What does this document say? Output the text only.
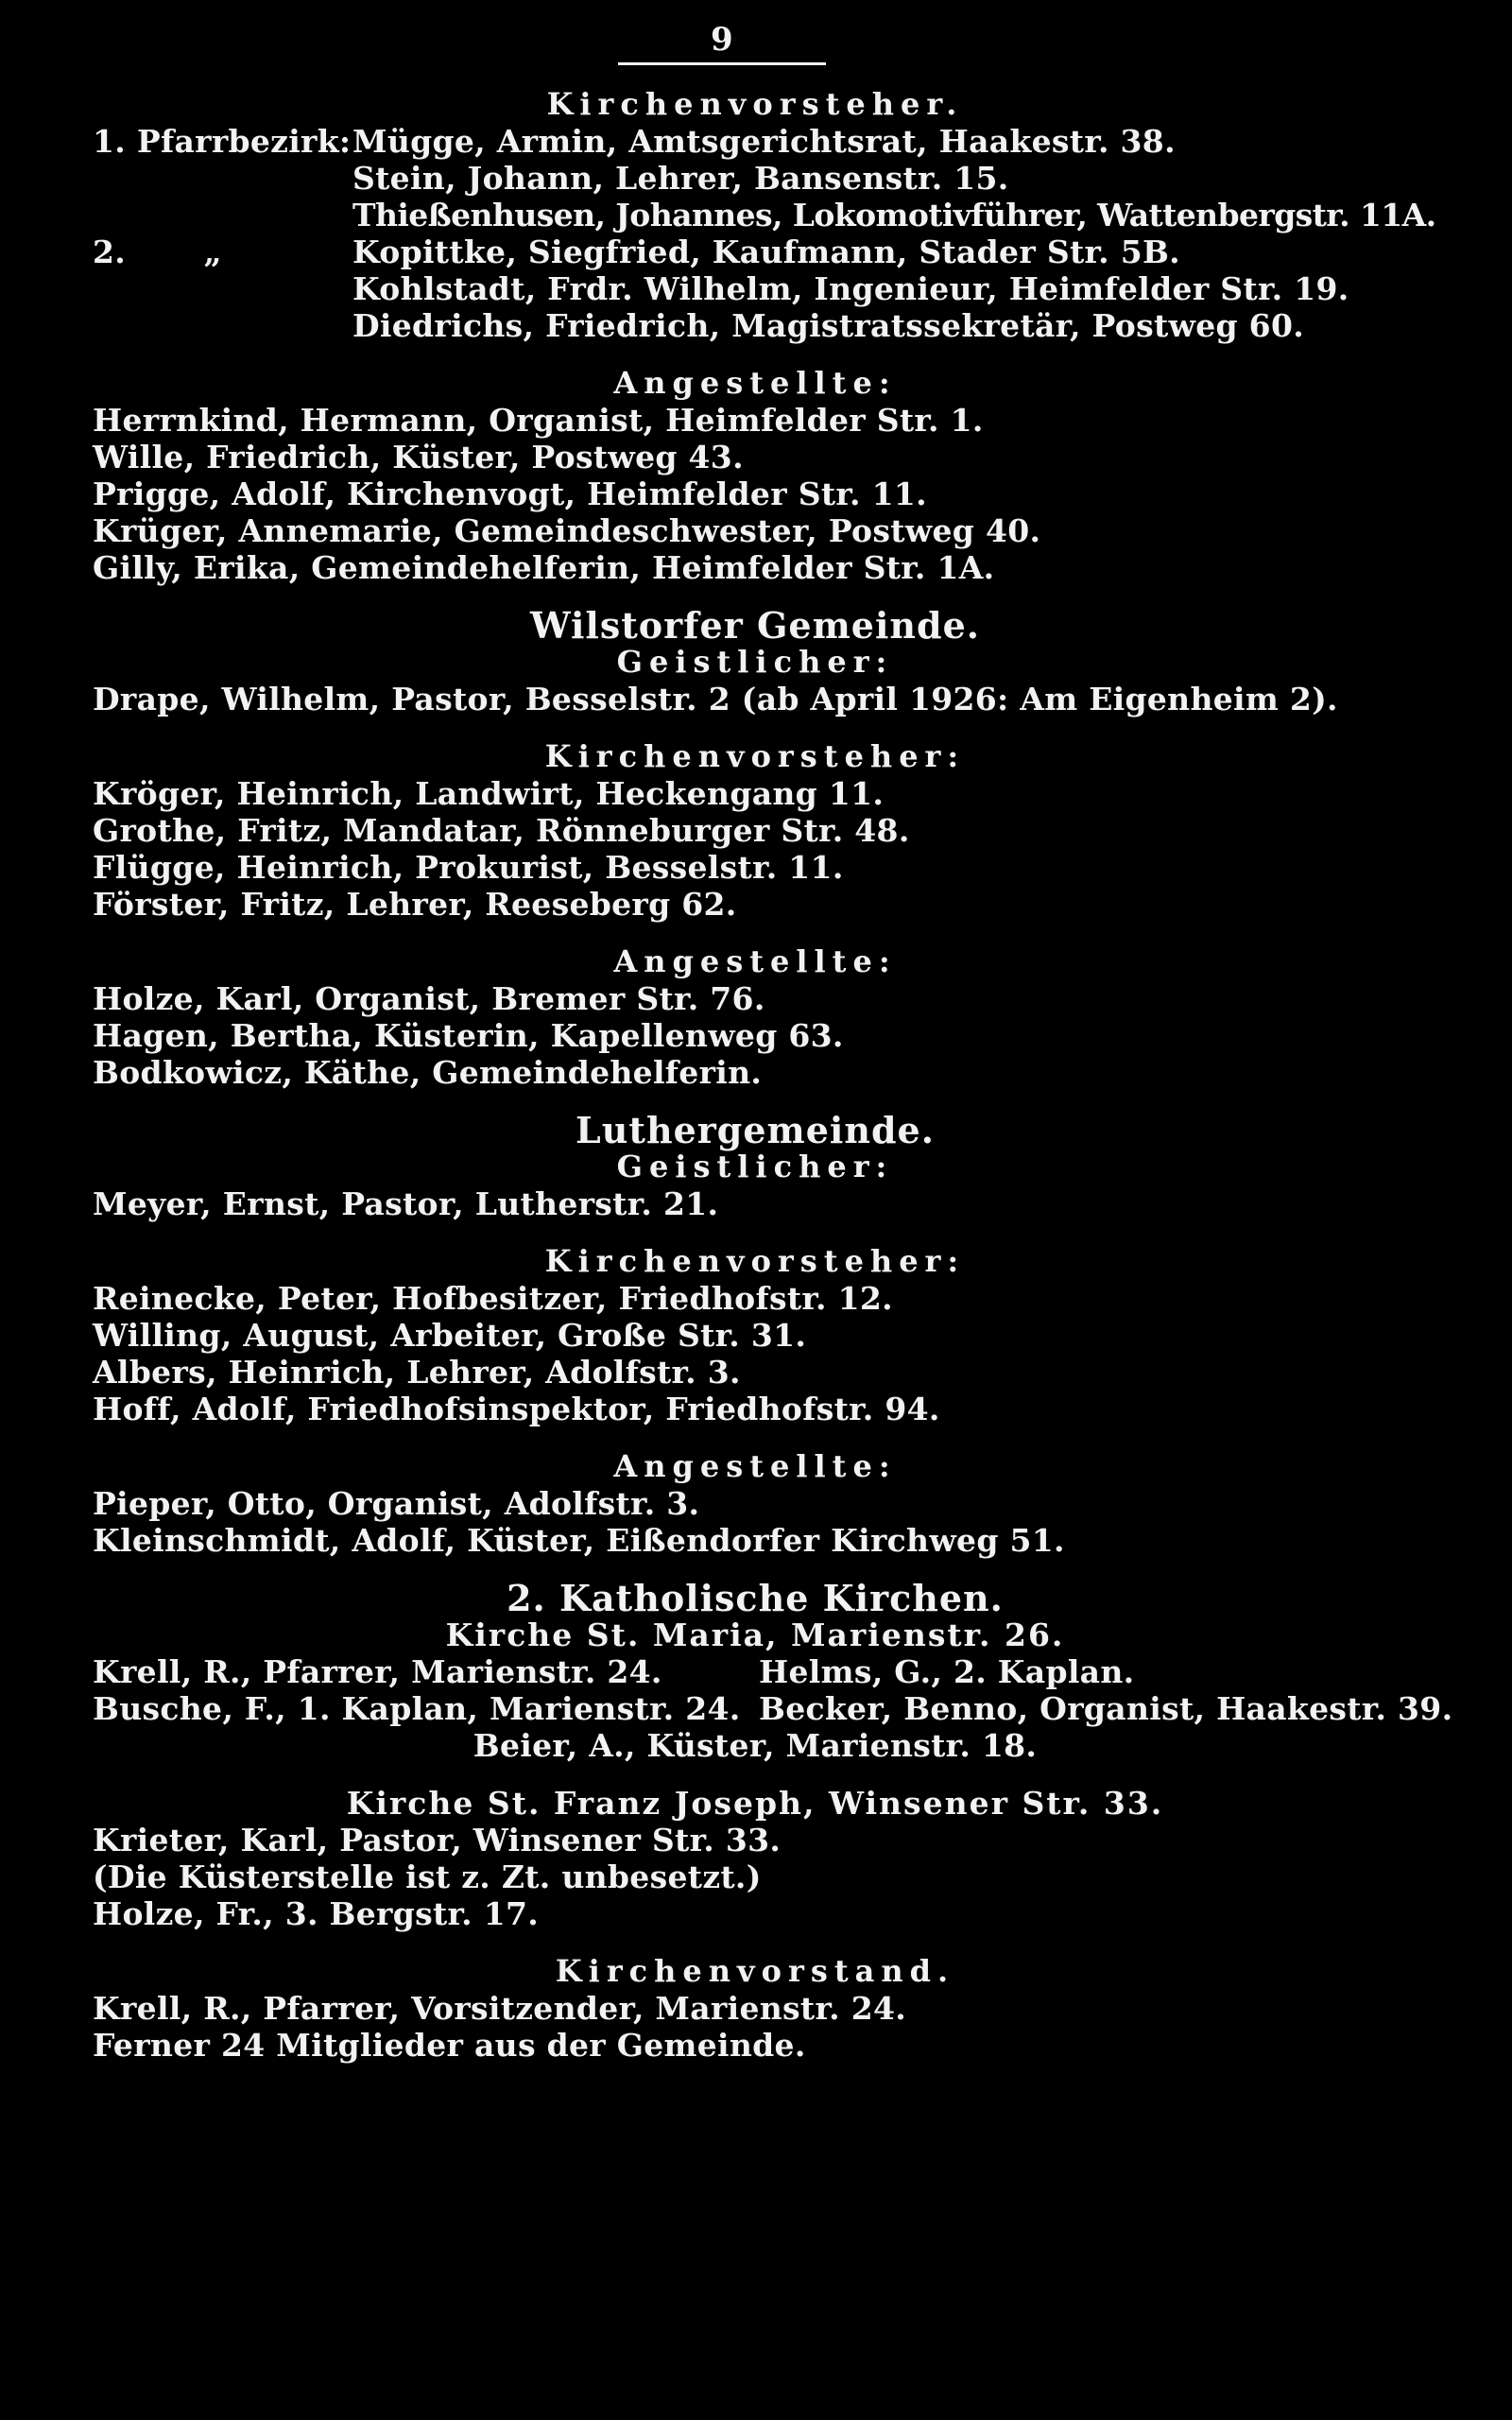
9
Kirchenvorsteher.
1. Pfarrbezirk: Mügge, Armin, Amtsgerichtsrat, Haakestr. 38.
Stein, Johann, Lehrer, Bansenstr. 15.
Thießenhusen, Johannes, Lokomotivführer, Wattenbergstr. 11A.
2.       „	Kopittke, Siegfried, Kaufmann, Stader Str. 5B.
Kohlstadt, Frdr. Wilhelm, Ingenieur, Heimfelder Str. 19.
Diedrichs, Friedrich, Magistratssekretär, Postweg 60.
Angestellte:
Herrnkind, Hermann, Organist, Heimfelder Str. 1.
Wille, Friedrich, Küster, Postweg 43.
Prigge, Adolf, Kirchenvogt, Heimfelder Str. 11.
Krüger, Annemarie, Gemeindeschwester, Postweg 40.
Gilly, Erika, Gemeindehelferin, Heimfelder Str. 1A.
Wilstorfer Gemeinde.
Geistlicher:
Drape, Wilhelm, Pastor, Besselstr. 2 (ab April 1926: Am Eigenheim 2).
Kirchenvorsteher:
Kröger, Heinrich, Landwirt, Heckengang 11.
Grothe, Fritz, Mandatar, Rönneburger Str. 48.
Flügge, Heinrich, Prokurist, Besselstr. 11.
Förster, Fritz, Lehrer, Reeseberg 62.
Angestellte:
Holze, Karl, Organist, Bremer Str. 76.
Hagen, Bertha, Küsterin, Kapellenweg 63.
Bodkowicz, Käthe, Gemeindehelferin.
Luthergemeinde.
Geistlicher:
Meyer, Ernst, Pastor, Lutherstr. 21.
Kirchenvorsteher:
Reinecke, Peter, Hofbesitzer, Friedhofstr. 12.
Willing, August, Arbeiter, Große Str. 31.
Albers, Heinrich, Lehrer, Adolfstr. 3.
Hoff, Adolf, Friedhofsinspektor, Friedhofstr. 94.
Angestellte:
Pieper, Otto, Organist, Adolfstr. 3.
Kleinschmidt, Adolf, Küster, Eißendorfer Kirchweg 51.
2. Katholische Kirchen.
Kirche St. Maria, Marienstr. 26.
Krell, R., Pfarrer, Marienstr. 24.	Helms, G., 2. Kaplan.
Busche, F., 1. Kaplan, Marienstr. 24. Becker, Benno, Organist, Haakestr. 39.
Beier, A., Küster, Marienstr. 18.
Kirche St. Franz Joseph, Winsener Str. 33.
Krieter, Karl, Pastor, Winsener Str. 33.
(Die Küsterstelle ist z. Zt. unbesetzt.)
Holze, Fr., 3. Bergstr. 17.
Kirchenvorstand.
Krell, R., Pfarrer, Vorsitzender, Marienstr. 24.
Ferner 24 Mitglieder aus der Gemeinde.
